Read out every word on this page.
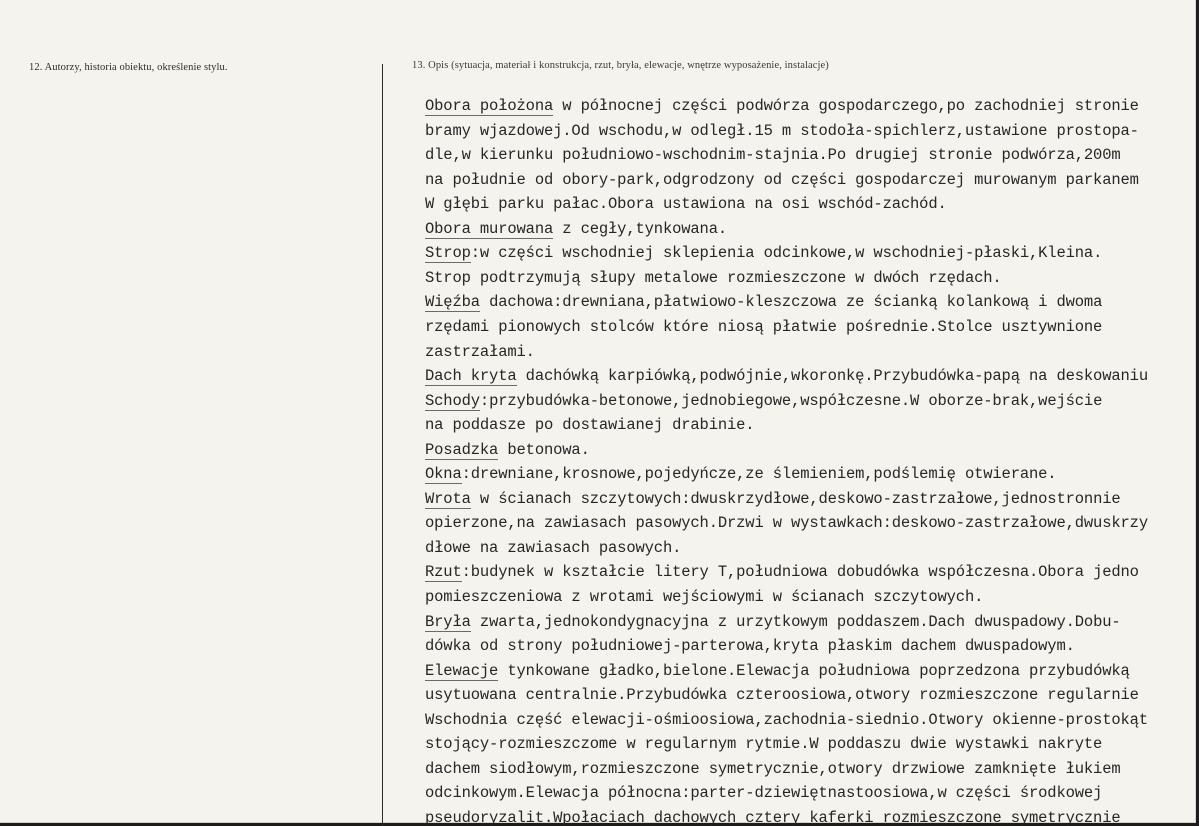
12. Autorzy, historia obiektu, określenie stylu.	13. Opis (sytuacja, materiał i konstrukcja, rzut, bryła, elewacje, wnętrze wyposażenie, instalacje)
Obora położona w północnej części podwórza gospodarczego,po zachodniej stronie
bramy wjazdowej.Od wschodu,w odległ.15 m stodoła-spichlerz,ustawione prostopa-
dle,w kierunku południowo-wschodnim-stajnia.Po drugiej stronie podwórza,200m
na południe od obory-park,odgrodzony od części gospodarczej murowanym parkanem
W głębi parku pałac.Obora ustawiona na osi wschód-zachód.
Obora murowana z cegły,tynkowana.
Strop:w części wschodniej sklepienia odcinkowe,w wschodniej-płaski,Kleina.
Strop podtrzymują słupy metalowe rozmieszczone w dwóch rzędach.
Więźba dachowa:drewniana,płatwiowo-kleszczowa ze ścianką kolankową i dwoma
rzędami pionowych stolców które niosą płatwie pośrednie.Stolce usztywnione
zastrzałami.
Dach kryta dachówką karpiówką,podwójnie,wkoronkę.Przybudówka-papą na deskowaniu
Schody:przybudówka-betonowe,jednobiegowe,współczesne.W oborze-brak,wejście
na poddasze po dostawianej drabinie.
Posadzka betonowa.
Okna:drewniane,krosnowe,pojedyńcze,ze ślemieniem,podślemię otwierane.
Wrota w ścianach szczytowych:dwuskrzydłowe,deskowo-zastrzałowe,jednostronnie
opierzone,na zawiasach pasowych.Drzwi w wystawkach:deskowo-zastrzałowe,dwuskrzy
dłowe na zawiasach pasowych.
Rzut:budynek w kształcie litery T,południowa dobudówka współczesna.Obora jedno
pomieszczeniowa z wrotami wejściowymi w ścianach szczytowych.
Bryła zwarta,jednokondygnacyjna z urzytkowym poddaszem.Dach dwuspadowy.Dobu-
dówka od strony południowej-parterowa,kryta płaskim dachem dwuspadowym.
Elewacje tynkowane gładko,bielone.Elewacja południowa poprzedzona przybudówką
usytuowana centralnie.Przybudówka czteroosiowa,otwory rozmieszczone regularnie
Wschodnia część elewacji-ośmioosiowa,zachodnia-siednio.Otwory okienne-prostokąt
stojący-rozmieszczome w regularnym rytmie.W poddaszu dwie wystawki nakryte
dachem siodłowym,rozmieszczone symetrycznie,otwory drzwiowe zamknięte łukiem
odcinkowym.Elewacja północna:parter-dziewiętnastoosiowa,w części środkowej
pseudoryzalit.Wpołaciach dachowych cztery kaferki rozmieszczone symetrycznie
